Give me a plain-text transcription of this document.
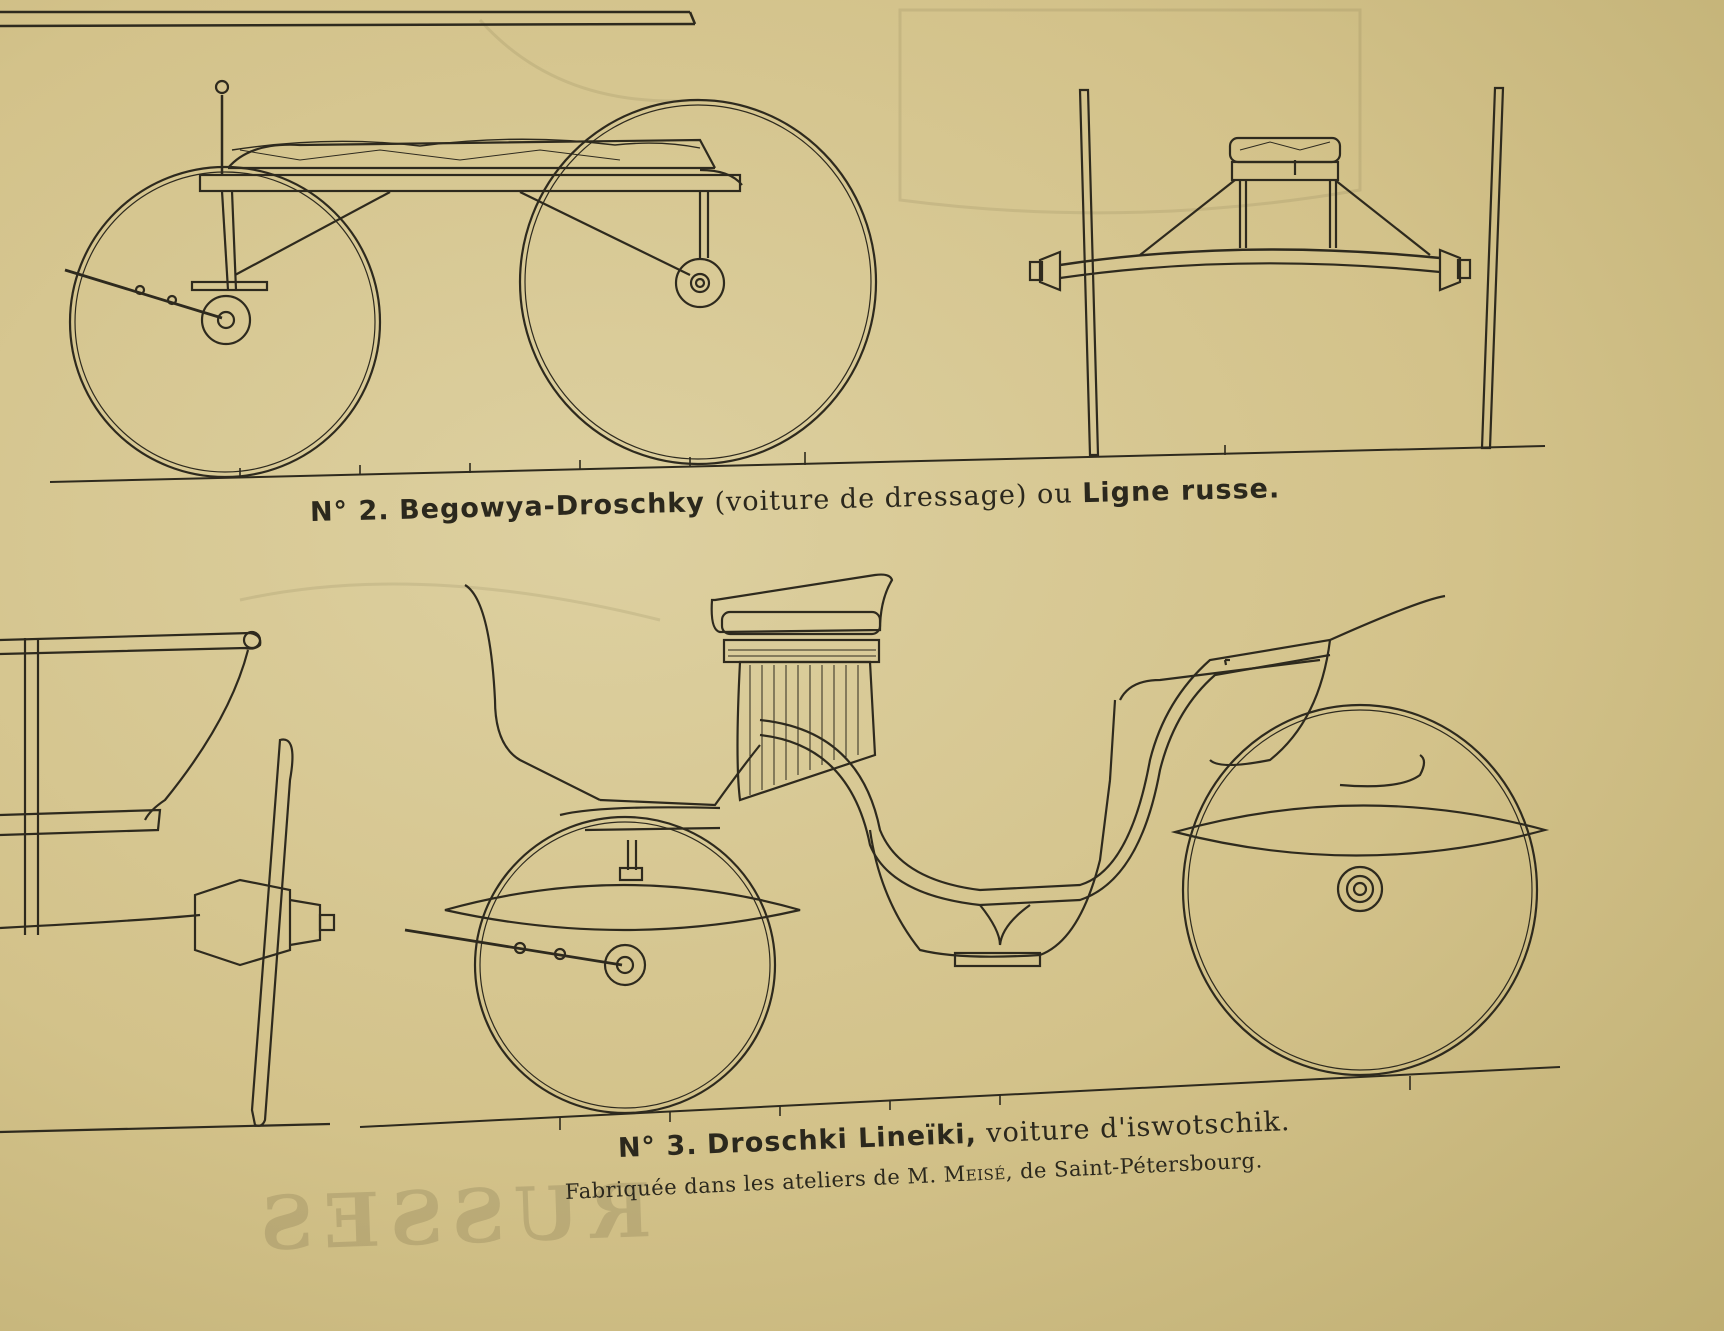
RUSSES
N° 2. Begowya-Droschky (voiture de dressage) ou Ligne russe.
N° 3. Droschki Lineïki, voiture d'iswotschik.
Fabriquée dans les ateliers de M. Meisé, de Saint-Pétersbourg.
